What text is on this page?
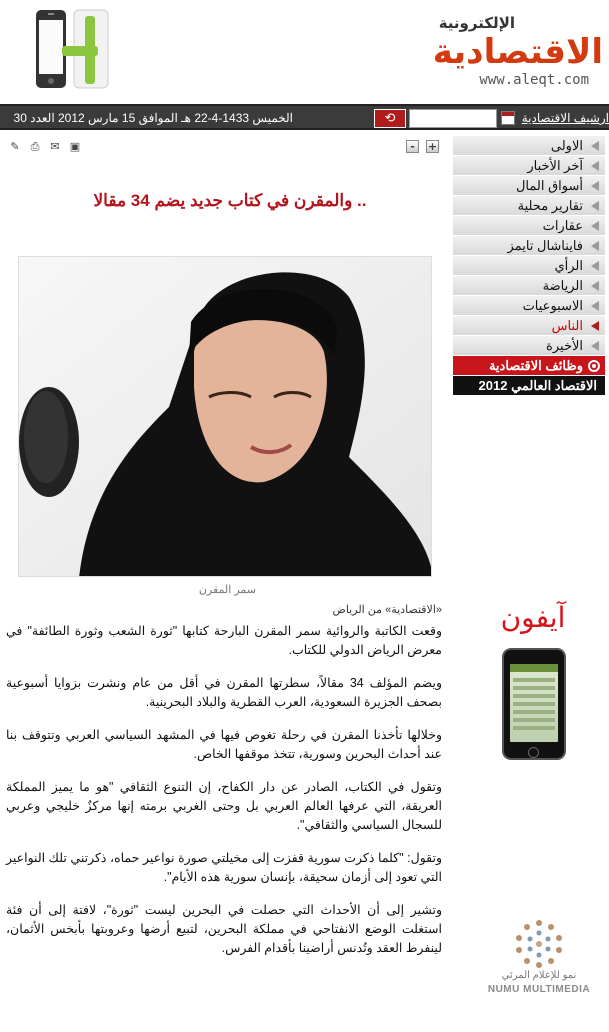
الإلكترونية
الاقتصادية
www.aleqt.com
الخميس 1433-4-22 هـ الموافق 15 مارس 2012 العدد 30	⟲	ارشيف الاقتصادية
✎ ⎙ ✉ ▣	-	+	الاولى
آخر الأخبار
أسواق المال
تقارير محلية
عقارات
فايناشال تايمز
الرأي
الرياضة
الاسبوعيات
الناس
الأخيرة
وظائف الاقتصادية
الاقتصاد العالمي 2012
.. والمقرن في كتاب جديد يضم 34 مقالا
سمر المقرن
«الاقتصادية» من الرياض

وقعت الكاتبة والروائية سمر المقرن البارحة كتابها "ثورة الشعب وثورة الطائفة" في معرض الرياض الدولي للكتاب.

ويضم المؤلف 34 مقالاً، سطرتها المقرن في أقل من عام ونشرت بزوايا أسبوعية بصحف الجزيرة السعودية، العرب القطرية والبلاد البحرينية.

وخلالها تأخذنا المقرن في رحلة تغوص فيها في المشهد السياسي العربي وتتوقف بنا عند أحداث البحرين وسورية، تتخذ موقفها الخاص.

وتقول في الكتاب، الصادر عن دار الكفاح، إن التنوع الثقافي "هو ما يميز المملكة العريقة، التي عرفها العالم العربي بل وحتى الغربي برمته إنها مركزٌ خليجي وعربي للسجال السياسي والثقافي".

وتقول: "كلما ذكرت سورية قفزت إلى مخيلتي صورة نواعير حماه، ذكرتني تلك النواعير التي تعود إلى أزمان سحيقة، بإنسان سورية هذه الأيام".

وتشير إلى أن الأحداث التي حصلت في البحرين ليست "ثورة"، لافتة إلى أن فئة استغلت الوضع الانفتاحي في مملكة البحرين، لتبيع أرضها وعروبتها بأبخس الأثمان، لينفرط العقد وتُدنس أراضينا بأقدام الفرس.

آيفون
نمو للإعلام المرئي
NUMU MULTIMEDIA
